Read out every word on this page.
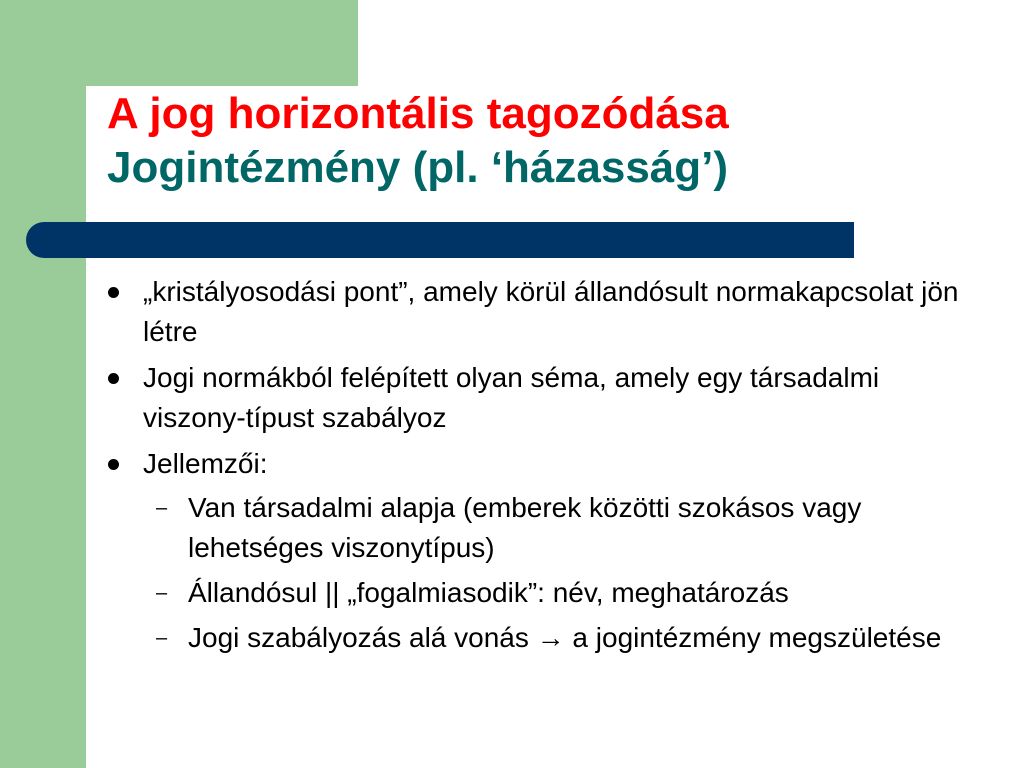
A jog horizontális tagozódása
Jogintézmény (pl. ‘házasság’)
„kristályosodási pont”, amely körül állandósult normakapcsolat jön létre
Jogi normákból felépített olyan séma, amely egy társadalmi viszony-típust szabályoz
Jellemzői:
– Van társadalmi alapja (emberek közötti szokásos vagy lehetséges viszonytípus)
– Állandósul || „fogalmiasodik”: név, meghatározás
– Jogi szabályozás alá vonás → a jogintézmény megszületése
